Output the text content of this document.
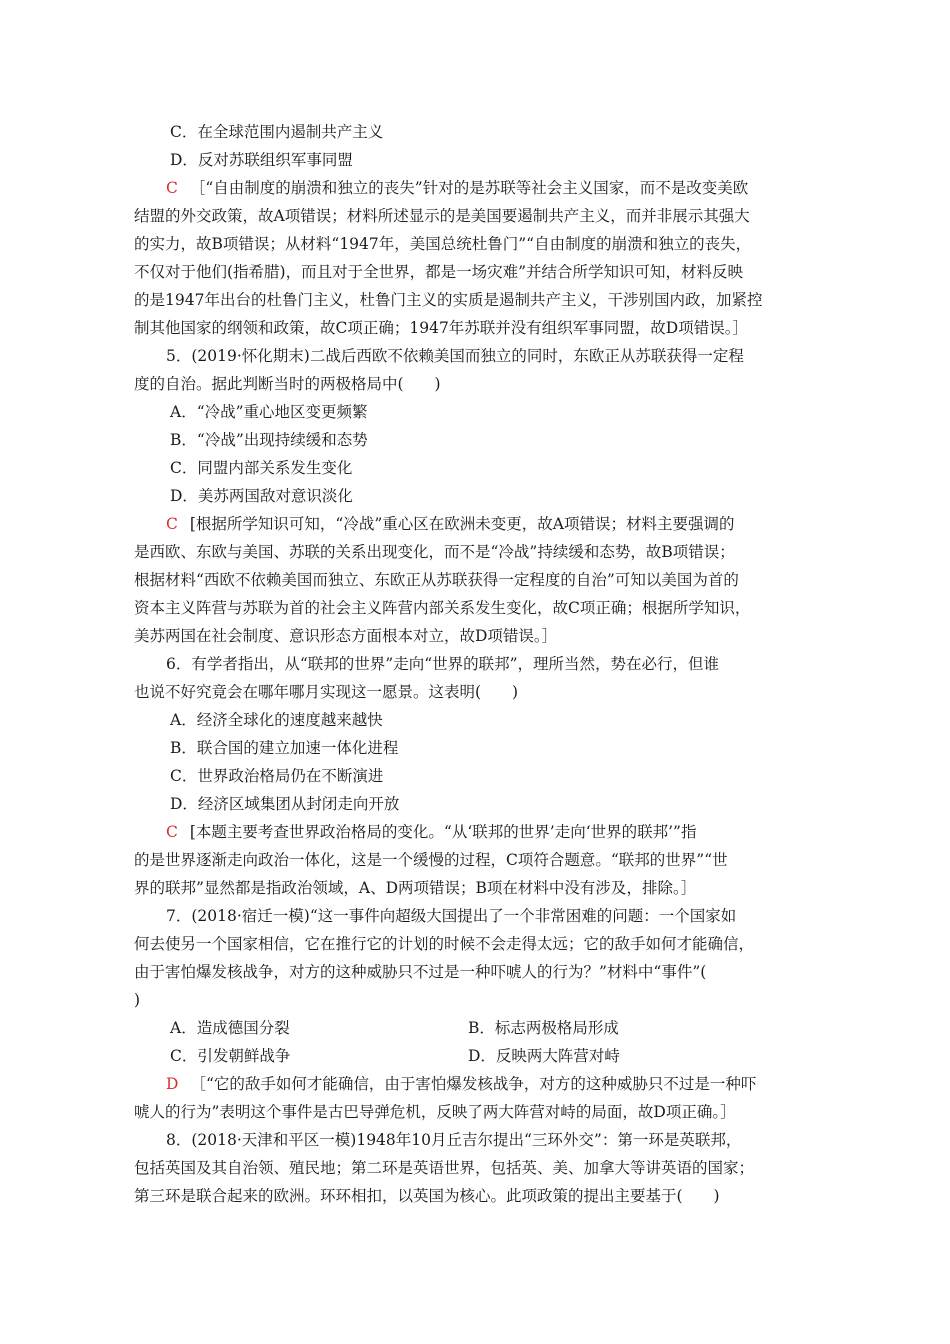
C．在全球范围内遏制共产主义
D．反对苏联组织军事同盟
C ［“自由制度的崩溃和独立的丧失”针对的是苏联等社会主义国家，而不是改变美欧
结盟的外交政策，故A项错误；材料所述显示的是美国要遏制共产主义，而并非展示其强大
的实力，故B项错误；从材料“1947年，美国总统杜鲁门”“自由制度的崩溃和独立的丧失，
不仅对于他们(指希腊)，而且对于全世界，都是一场灾难”并结合所学知识可知，材料反映
的是1947年出台的杜鲁门主义，杜鲁门主义的实质是遏制共产主义，干涉别国内政，加紧控
制其他国家的纲领和政策，故C项正确；1947年苏联并没有组织军事同盟，故D项错误。］
5．(2019·怀化期末)二战后西欧不依赖美国而独立的同时，东欧正从苏联获得一定程
度的自治。据此判断当时的两极格局中(　　)
A．“冷战”重心地区变更频繁
B．“冷战”出现持续缓和态势
C．同盟内部关系发生变化
D．美苏两国敌对意识淡化
C [根据所学知识可知，“冷战”重心区在欧洲未变更，故A项错误；材料主要强调的
是西欧、东欧与美国、苏联的关系出现变化，而不是“冷战”持续缓和态势，故B项错误；
根据材料“西欧不依赖美国而独立、东欧正从苏联获得一定程度的自治”可知以美国为首的
资本主义阵营与苏联为首的社会主义阵营内部关系发生变化，故C项正确；根据所学知识，
美苏两国在社会制度、意识形态方面根本对立，故D项错误。］
6．有学者指出，从“联邦的世界”走向“世界的联邦”，理所当然，势在必行，但谁
也说不好究竟会在哪年哪月实现这一愿景。这表明(　　)
A．经济全球化的速度越来越快
B．联合国的建立加速一体化进程
C．世界政治格局仍在不断演进
D．经济区域集团从封闭走向开放
C [本题主要考查世界政治格局的变化。“从‘联邦的世界’走向‘世界的联邦’”指
的是世界逐渐走向政治一体化，这是一个缓慢的过程，C项符合题意。“联邦的世界”“世
界的联邦”显然都是指政治领域，A、D两项错误；B项在材料中没有涉及，排除。］
7．(2018·宿迁一模)“这一事件向超级大国提出了一个非常困难的问题：一个国家如
何去使另一个国家相信，它在推行它的计划的时候不会走得太远；它的敌手如何才能确信，
由于害怕爆发核战争，对方的这种威胁只不过是一种吓唬人的行为？”材料中“事件”(
)
A．造成德国分裂	B．标志两极格局形成
C．引发朝鲜战争	D．反映两大阵营对峙
D ［“它的敌手如何才能确信，由于害怕爆发核战争，对方的这种威胁只不过是一种吓
唬人的行为”表明这个事件是古巴导弹危机，反映了两大阵营对峙的局面，故D项正确。］
8．(2018·天津和平区一模)1948年10月丘吉尔提出“三环外交”：第一环是英联邦，
包括英国及其自治领、殖民地；第二环是英语世界，包括英、美、加拿大等讲英语的国家；
第三环是联合起来的欧洲。环环相扣，以英国为核心。此项政策的提出主要基于(　　)
